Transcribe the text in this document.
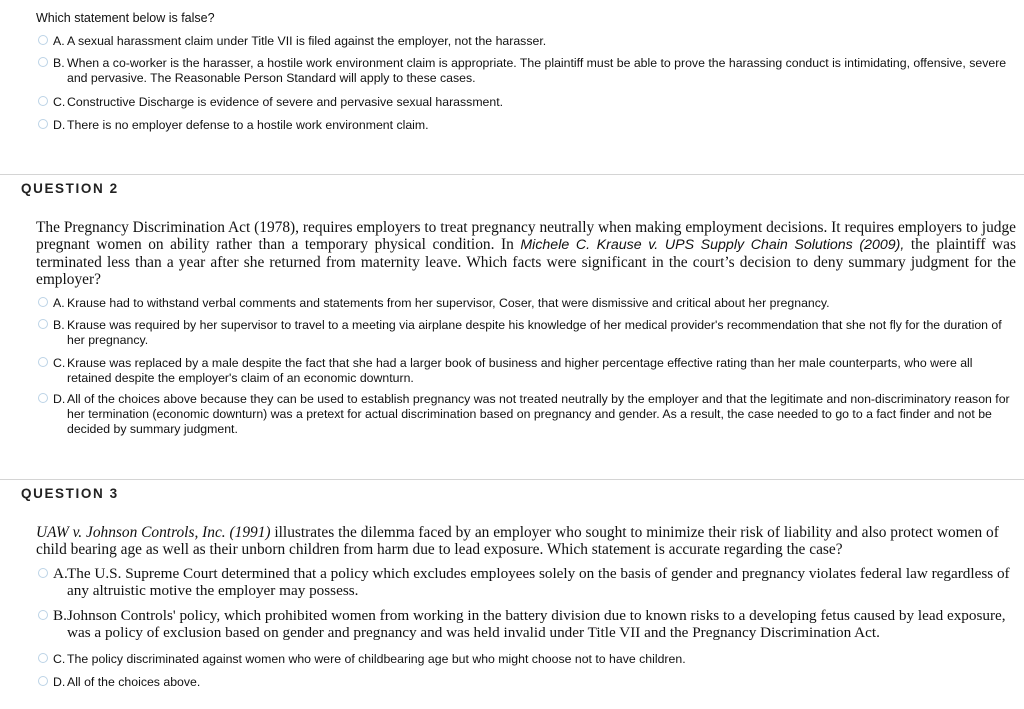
Which statement below is false?
A. A sexual harassment claim under Title VII is filed against the employer, not the harasser.
B. When a co-worker is the harasser, a hostile work environment claim is appropriate. The plaintiff must be able to prove the harassing conduct is intimidating, offensive, severe and pervasive. The Reasonable Person Standard will apply to these cases.
C. Constructive Discharge is evidence of severe and pervasive sexual harassment.
D. There is no employer defense to a hostile work environment claim.
QUESTION 2
The Pregnancy Discrimination Act (1978), requires employers to treat pregnancy neutrally when making employment decisions. It requires employers to judge pregnant women on ability rather than a temporary physical condition. In Michele C. Krause v. UPS Supply Chain Solutions (2009), the plaintiff was terminated less than a year after she returned from maternity leave. Which facts were significant in the court’s decision to deny summary judgment for the employer?
A. Krause had to withstand verbal comments and statements from her supervisor, Coser, that were dismissive and critical about her pregnancy.
B. Krause was required by her supervisor to travel to a meeting via airplane despite his knowledge of her medical provider's recommendation that she not fly for the duration of her pregnancy.
C. Krause was replaced by a male despite the fact that she had a larger book of business and higher percentage effective rating than her male counterparts, who were all retained despite the employer's claim of an economic downturn.
D. All of the choices above because they can be used to establish pregnancy was not treated neutrally by the employer and that the legitimate and non-discriminatory reason for her termination (economic downturn) was a pretext for actual discrimination based on pregnancy and gender. As a result, the case needed to go to a fact finder and not be decided by summary judgment.
QUESTION 3
UAW v. Johnson Controls, Inc. (1991) illustrates the dilemma faced by an employer who sought to minimize their risk of liability and also protect women of child bearing age as well as their unborn children from harm due to lead exposure. Which statement is accurate regarding the case?
A. The U.S. Supreme Court determined that a policy which excludes employees solely on the basis of gender and pregnancy violates federal law regardless of any altruistic motive the employer may possess.
B. Johnson Controls' policy, which prohibited women from working in the battery division due to known risks to a developing fetus caused by lead exposure, was a policy of exclusion based on gender and pregnancy and was held invalid under Title VII and the Pregnancy Discrimination Act.
C. The policy discriminated against women who were of childbearing age but who might choose not to have children.
D. All of the choices above.
